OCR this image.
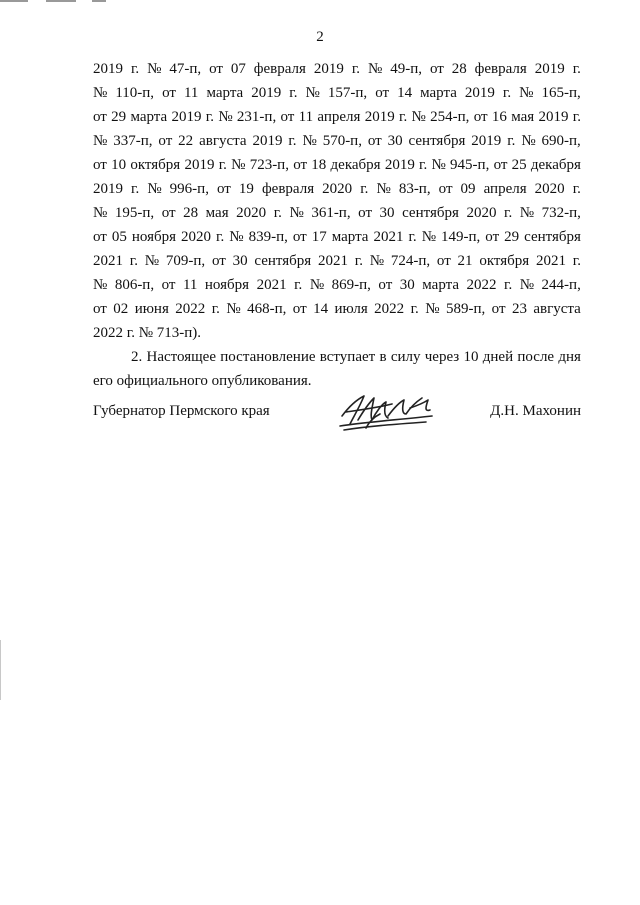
2
2019 г. № 47-п, от 07 февраля 2019 г. № 49-п, от 28 февраля 2019 г.
№ 110-п, от 11 марта 2019 г. № 157-п, от 14 марта 2019 г. № 165-п,
от 29 марта 2019 г. № 231-п, от 11 апреля 2019 г. № 254-п, от 16 мая 2019 г.
№ 337-п, от 22 августа 2019 г. № 570-п, от 30 сентября 2019 г. № 690-п,
от 10 октября 2019 г. № 723-п, от 18 декабря 2019 г. № 945-п, от 25 декабря
2019 г. № 996-п, от 19 февраля 2020 г. № 83-п, от 09 апреля 2020 г.
№ 195-п, от 28 мая 2020 г. № 361-п, от 30 сентября 2020 г. № 732-п,
от 05 ноября 2020 г. № 839-п, от 17 марта 2021 г. № 149-п, от 29 сентября
2021 г. № 709-п, от 30 сентября 2021 г. № 724-п, от 21 октября 2021 г.
№ 806-п, от 11 ноября 2021 г. № 869-п, от 30 марта 2022 г. № 244-п,
от 02 июня 2022 г. № 468-п, от 14 июля 2022 г. № 589-п, от 23 августа
2022 г. № 713-п).
2. Настоящее постановление вступает в силу через 10 дней после дня
его официального опубликования.
Губернатор Пермского края	Д.Н. Махонин
